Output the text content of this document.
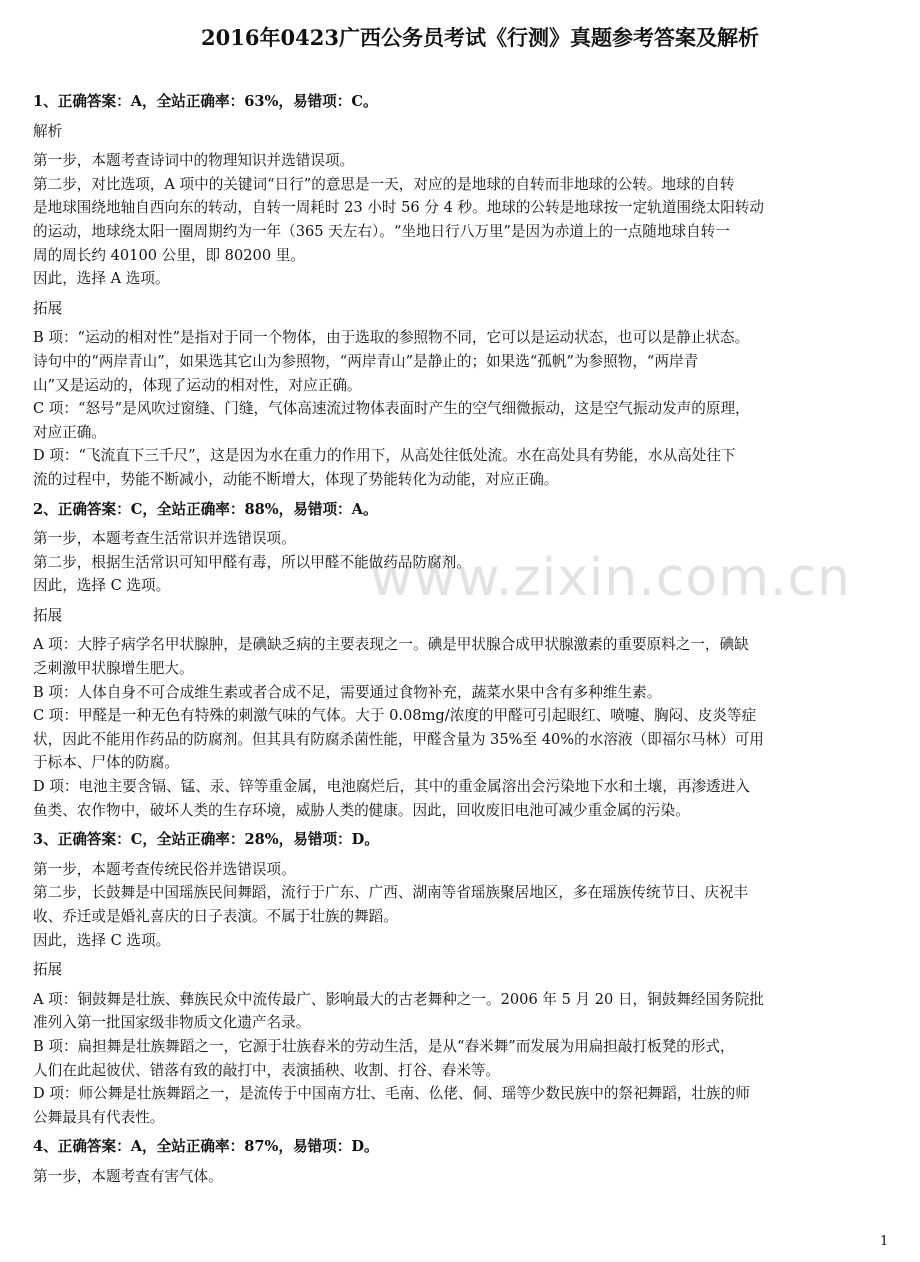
2016年0423广西公务员考试《行测》真题参考答案及解析
1、正确答案：A，全站正确率：63%，易错项：C。
解析
第一步，本题考查诗词中的物理知识并选错误项。
第二步，对比选项，A 项中的关键词“日行”的意思是一天，对应的是地球的自转而非地球的公转。地球的自转
是地球围绕地轴自西向东的转动，自转一周耗时 23 小时 56 分 4 秒。地球的公转是地球按一定轨道围绕太阳转动
的运动，地球绕太阳一圈周期约为一年（365 天左右）。“坐地日行八万里”是因为赤道上的一点随地球自转一
周的周长约 40100 公里，即 80200 里。
因此，选择 A 选项。
拓展
B 项：“运动的相对性”是指对于同一个物体，由于选取的参照物不同，它可以是运动状态，也可以是静止状态。
诗句中的“两岸青山”，如果选其它山为参照物，“两岸青山”是静止的；如果选“孤帆”为参照物，“两岸青
山”又是运动的，体现了运动的相对性，对应正确。
C 项：“怒号”是风吹过窗缝、门缝，气体高速流过物体表面时产生的空气细微振动，这是空气振动发声的原理，
对应正确。
D 项：“飞流直下三千尺”，这是因为水在重力的作用下，从高处往低处流。水在高处具有势能，水从高处往下
流的过程中，势能不断减小，动能不断增大，体现了势能转化为动能，对应正确。
2、正确答案：C，全站正确率：88%，易错项：A。
第一步，本题考查生活常识并选错误项。
第二步，根据生活常识可知甲醛有毒，所以甲醛不能做药品防腐剂。
因此，选择 C 选项。
拓展
A 项：大脖子病学名甲状腺肿，是碘缺乏病的主要表现之一。碘是甲状腺合成甲状腺激素的重要原料之一，碘缺
乏刺激甲状腺增生肥大。
B 项：人体自身不可合成维生素或者合成不足，需要通过食物补充，蔬菜水果中含有多种维生素。
C 项：甲醛是一种无色有特殊的刺激气味的气体。大于 0.08mg/浓度的甲醛可引起眼红、喷嚏、胸闷、皮炎等症
状，因此不能用作药品的防腐剂。但其具有防腐杀菌性能，甲醛含量为 35%至 40%的水溶液（即福尔马林）可用
于标本、尸体的防腐。
D 项：电池主要含镉、锰、汞、锌等重金属，电池腐烂后，其中的重金属溶出会污染地下水和土壤，再渗透进入
鱼类、农作物中，破坏人类的生存环境，威胁人类的健康。因此，回收废旧电池可减少重金属的污染。
3、正确答案：C，全站正确率：28%，易错项：D。
第一步，本题考查传统民俗并选错误项。
第二步，长鼓舞是中国瑶族民间舞蹈，流行于广东、广西、湖南等省瑶族聚居地区，多在瑶族传统节日、庆祝丰
收、乔迁或是婚礼喜庆的日子表演。不属于壮族的舞蹈。
因此，选择 C 选项。
拓展
A 项：铜鼓舞是壮族、彝族民众中流传最广、影响最大的古老舞种之一。2006 年 5 月 20 日，铜鼓舞经国务院批
准列入第一批国家级非物质文化遗产名录。
B 项：扁担舞是壮族舞蹈之一，它源于壮族舂米的劳动生活，是从“舂米舞”而发展为用扁担敲打板凳的形式，
人们在此起彼伏、错落有致的敲打中，表演插秧、收割、打谷、舂米等。
D 项：师公舞是壮族舞蹈之一，是流传于中国南方壮、毛南、仫佬、侗、瑶等少数民族中的祭祀舞蹈，壮族的师
公舞最具有代表性。
4、正确答案：A，全站正确率：87%，易错项：D。
第一步，本题考查有害气体。
www.zixin.com.cn
1
